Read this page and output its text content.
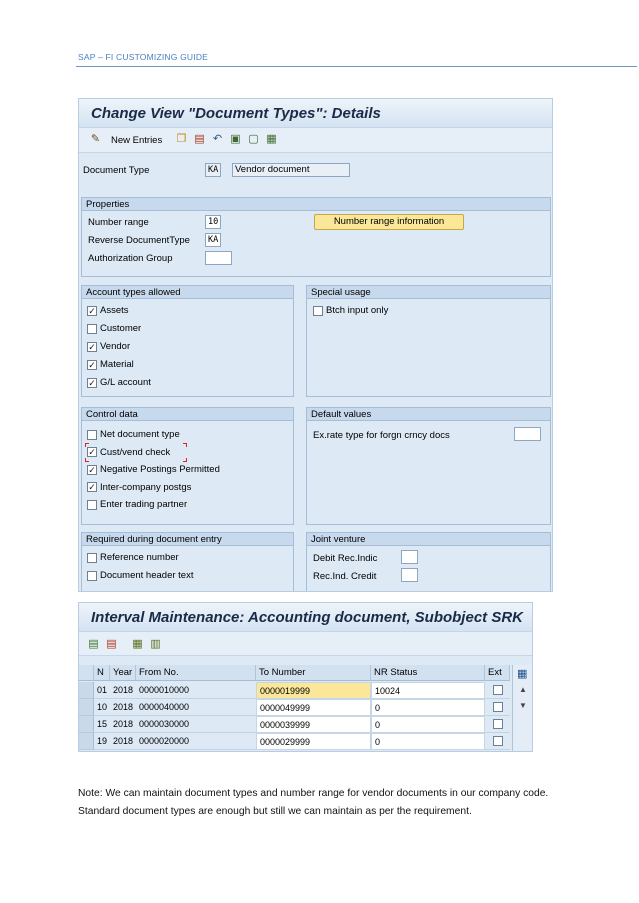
SAP – FI CUSTOMIZING GUIDE
Change View "Document Types": Details
✎ New Entries ❐ ▤ ↶ ▣ ▢ ▦
Document Type	KA	Vendor document
Properties
Number range	10
Reverse DocumentType	KA
Authorization Group
Number range information
Account types allowed
✓ Assets
Customer
✓ Vendor
✓ Material
✓ G/L account
Special usage
Btch input only
Control data
Net document type
✓ Cust/vend check
✓ Negative Postings Permitted
✓ Inter-company postgs
Enter trading partner
Default values
Ex.rate type for forgn crncy docs
Required during document entry
Reference number
Document header text
Joint venture
Debit Rec.Indic
Rec.Ind. Credit
Interval Maintenance: Accounting document, Subobject SRK
▤ ▤ ▦ ▥
N Year From No.	To Number	NR Status	Ext
01 2018 0000010000	0000019999	10024
10 2018 0000040000	0000049999	0
15 2018 0000030000	0000039999	0
19 2018 0000020000	0000029999	0
▦
▲
▼
Note: We can maintain document types and number range for vendor documents in our company code. Standard document types are enough but still we can maintain as per the requirement.
